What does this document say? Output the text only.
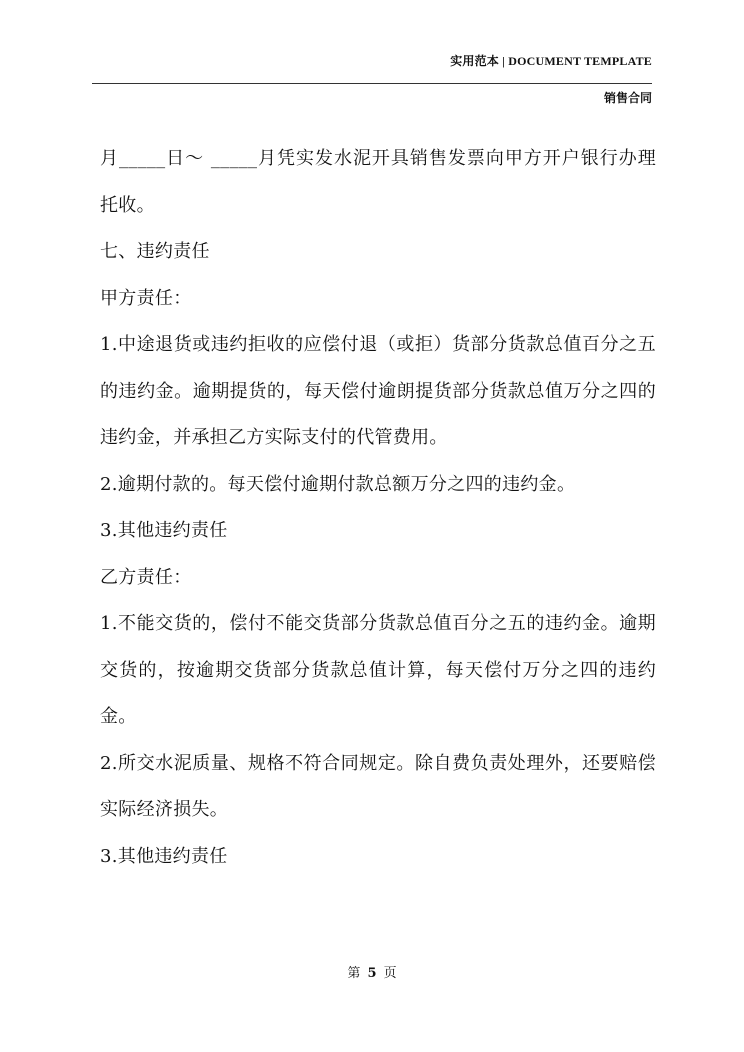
实用范本 | DOCUMENT TEMPLATE
销售合同

月_____日～ _____月凭实发水泥开具销售发票向甲方开户银行办理托收。

七、违约责任

甲方责任：

1.中途退货或违约拒收的应偿付退（或拒）货部分货款总值百分之五的违约金。逾期提货的，每天偿付逾朗提货部分货款总值万分之四的违约金，并承担乙方实际支付的代管费用。

2.逾期付款的。每天偿付逾期付款总额万分之四的违约金。

3.其他违约责任

乙方责任：

1.不能交货的，偿付不能交货部分货款总值百分之五的违约金。逾期交货的，按逾期交货部分货款总值计算，每天偿付万分之四的违约金。

2.所交水泥质量、规格不符合同规定。除自费负责处理外，还要赔偿实际经济损失。

3.其他违约责任

第 5 页
